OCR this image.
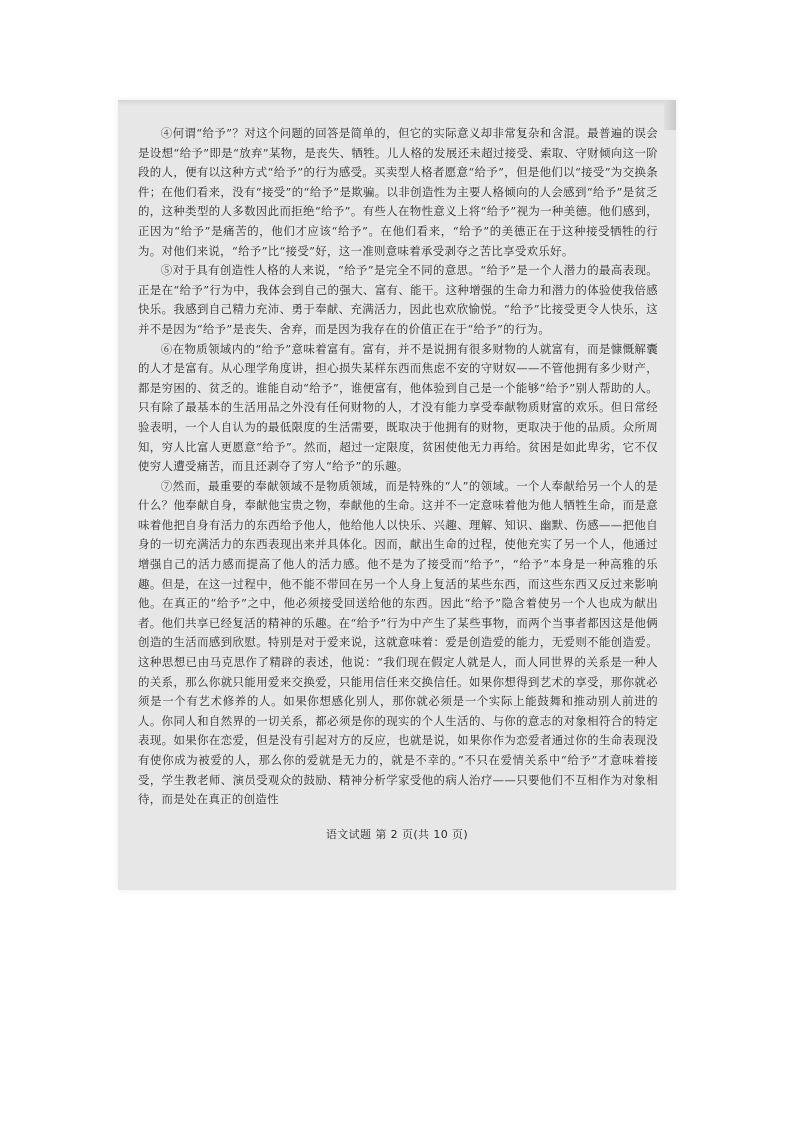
④何谓“给予”？对这个问题的回答是简单的，但它的实际意义却非常复杂和含混。最普遍的误会是设想“给予”即是“放弃”某物，是丧失、牺牲。儿人格的发展还未超过接受、索取、守财倾向这一阶段的人，便有以这种方式“给予”的行为感受。买卖型人格者愿意“给予”，但是他们以“接受”为交换条件；在他们看来，没有“接受”的“给予”是欺骗。以非创造性为主要人格倾向的人会感到“给予”是贫乏的，这种类型的人多数因此而拒绝“给予”。有些人在物性意义上将“给予”视为一种美德。他们感到，正因为“给予”是痛苦的，他们才应该“给予”。在他们看来，“给予”的美德正在于这种接受牺牲的行为。对他们来说，“给予”比“接受”好，这一准则意味着承受剥夺之苦比享受欢乐好。

⑤对于具有创造性人格的人来说，“给予”是完全不同的意思。“给予”是一个人潜力的最高表现。正是在“给予”行为中，我体会到自己的强大、富有、能干。这种增强的生命力和潜力的体验使我倍感快乐。我感到自己精力充沛、勇于奉献、充满活力，因此也欢欣愉悦。“给予”比接受更令人快乐，这并不是因为“给予”是丧失、舍弃，而是因为我存在的价值正在于“给予”的行为。

⑥在物质领域内的“给予”意味着富有。富有，并不是说拥有很多财物的人就富有，而是慷慨解囊的人才是富有。从心理学角度讲，担心损失某样东西而焦虑不安的守财奴——不管他拥有多少财产，都是穷困的、贫乏的。谁能自动“给予”，谁便富有，他体验到自己是一个能够“给予”别人帮助的人。只有除了最基本的生活用品之外没有任何财物的人，才没有能力享受奉献物质财富的欢乐。但日常经验表明，一个人自认为的最低限度的生活需要，既取决于他拥有的财物，更取决于他的品质。众所周知，穷人比富人更愿意“给予”。然而，超过一定限度，贫困使他无力再给。贫困是如此卑劣，它不仅使穷人遭受痛苦，而且还剥夺了穷人“给予”的乐趣。

⑦然而，最重要的奉献领域不是物质领域，而是特殊的“人”的领域。一个人奉献给另一个人的是什么？他奉献自身，奉献他宝贵之物，奉献他的生命。这并不一定意味着他为他人牺牲生命，而是意味着他把自身有活力的东西给予他人，他给他人以快乐、兴趣、理解、知识、幽默、伤感——把他自身的一切充满活力的东西表现出来并具体化。因而，献出生命的过程，使他充实了另一个人，他通过增强自己的活力感而提高了他人的活力感。他不是为了接受而“给予”，“给予”本身是一种高雅的乐趣。但是，在这一过程中，他不能不带回在另一个人身上复活的某些东西，而这些东西又反过来影响他。在真正的“给予”之中，他必须接受回送给他的东西。因此“给予”隐含着使另一个人也成为献出者。他们共享已经复活的精神的乐趣。在“给予”行为中产生了某些事物，而两个当事者都因这是他俩创造的生活而感到欣慰。特别是对于爱来说，这就意味着：爱是创造爱的能力，无爱则不能创造爱。这种思想已由马克思作了精辟的表述，他说：“我们现在假定人就是人，而人同世界的关系是一种人的关系，那么你就只能用爱来交换爱，只能用信任来交换信任。如果你想得到艺术的享受，那你就必须是一个有艺术修养的人。如果你想感化别人，那你就必须是一个实际上能鼓舞和推动别人前进的人。你同人和自然界的一切关系，都必须是你的现实的个人生活的、与你的意志的对象相符合的特定表现。如果你在恋爱，但是没有引起对方的反应，也就是说，如果你作为恋爱者通过你的生命表现没有使你成为被爱的人，那么你的爱就是无力的，就是不幸的。”不只在爱情关系中“给予”才意味着接受，学生教老师、演员受观众的鼓励、精神分析学家受他的病人治疗——只要他们不互相作为对象相待，而是处在真正的创造性

语文试题 第 2 页(共 10 页)
